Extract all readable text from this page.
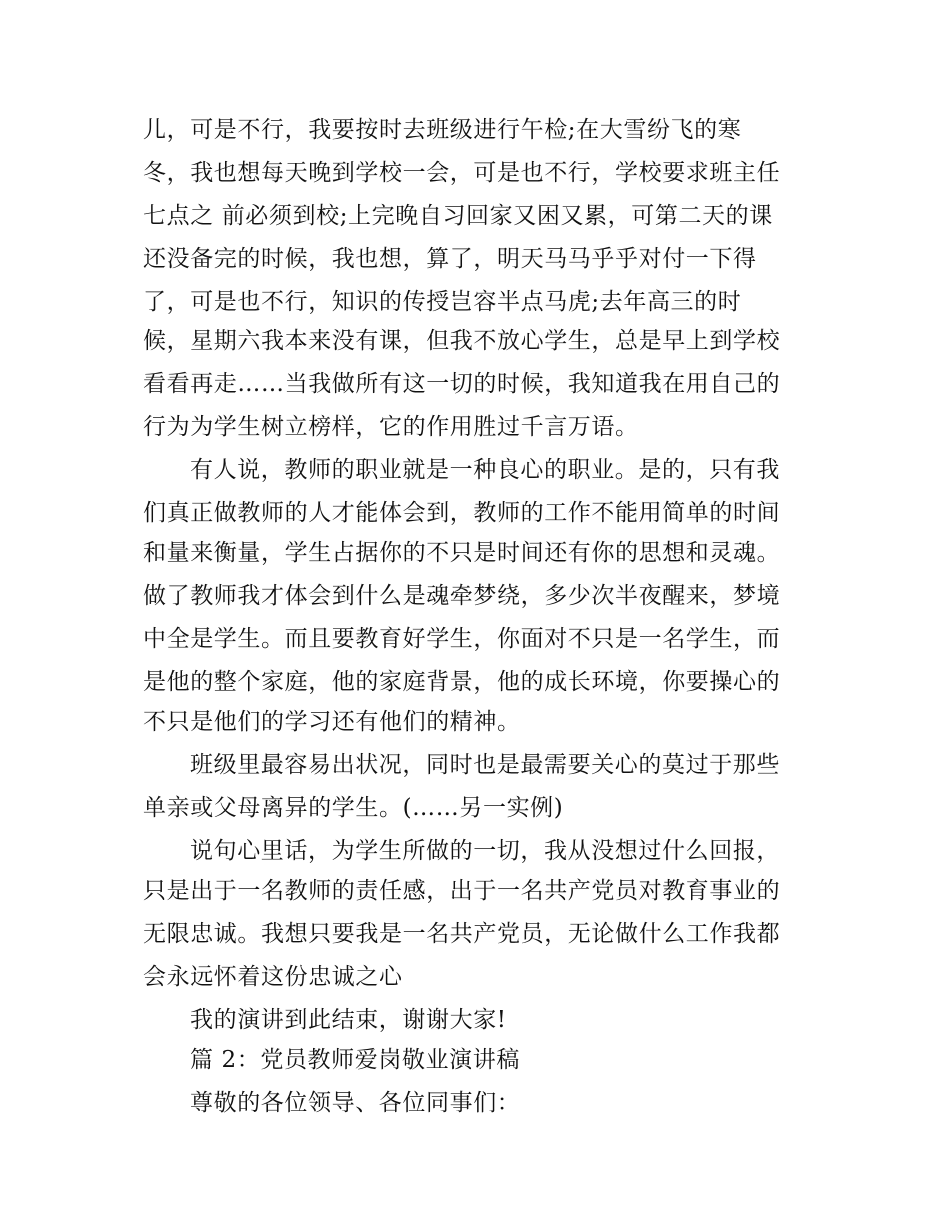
儿，可是不行，我要按时去班级进行午检;在大雪纷飞的寒
冬，我也想每天晚到学校一会，可是也不行，学校要求班主任
七点之 前必须到校;上完晚自习回家又困又累，可第二天的课
还没备完的时候，我也想，算了，明天马马乎乎对付一下得
了，可是也不行，知识的传授岂容半点马虎;去年高三的时
候，星期六我本来没有课，但我不放心学生，总是早上到学校
看看再走……当我做所有这一切的时候，我知道我在用自己的
行为为学生树立榜样，它的作用胜过千言万语。
有人说，教师的职业就是一种良心的职业。是的，只有我
们真正做教师的人才能体会到，教师的工作不能用简单的时间
和量来衡量，学生占据你的不只是时间还有你的思想和灵魂。
做了教师我才体会到什么是魂牵梦绕，多少次半夜醒来，梦境
中全是学生。而且要教育好学生，你面对不只是一名学生，而
是他的整个家庭，他的家庭背景，他的成长环境，你要操心的
不只是他们的学习还有他们的精神。
班级里最容易出状况，同时也是最需要关心的莫过于那些
单亲或父母离异的学生。(……另一实例)
说句心里话，为学生所做的一切，我从没想过什么回报，
只是出于一名教师的责任感，出于一名共产党员对教育事业的
无限忠诚。我想只要我是一名共产党员，无论做什么工作我都
会永远怀着这份忠诚之心
我的演讲到此结束，谢谢大家!
篇 2：党员教师爱岗敬业演讲稿
尊敬的各位领导、各位同事们：
